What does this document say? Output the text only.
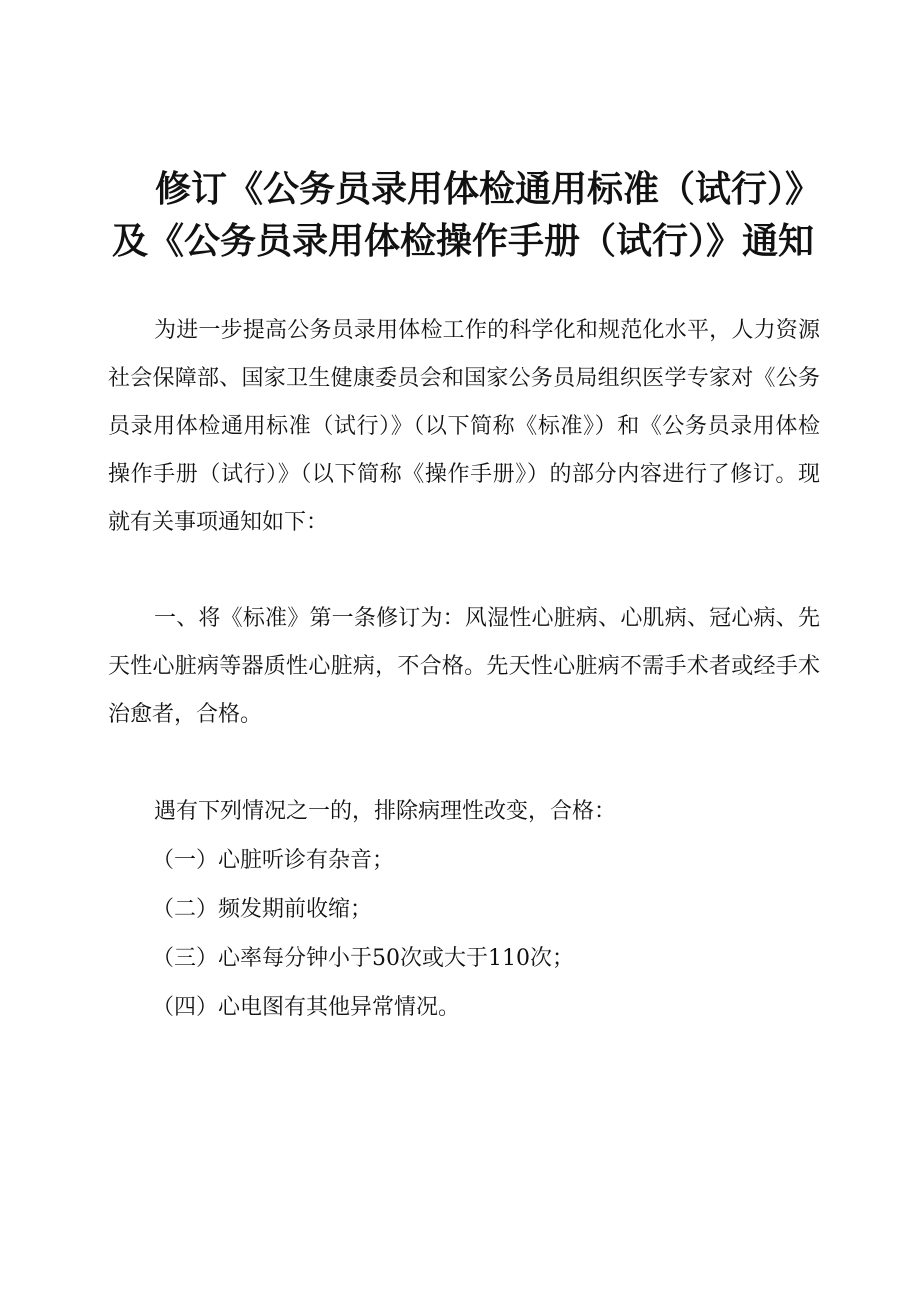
修订《公务员录用体检通用标准（试行）》
及《公务员录用体检操作手册（试行）》通知

为进一步提高公务员录用体检工作的科学化和规范化水平，人力资源社会保障部、国家卫生健康委员会和国家公务员局组织医学专家对《公务员录用体检通用标准（试行）》（以下简称《标准》）和《公务员录用体检操作手册（试行）》（以下简称《操作手册》）的部分内容进行了修订。现就有关事项通知如下：

一、将《标准》第一条修订为：风湿性心脏病、心肌病、冠心病、先天性心脏病等器质性心脏病，不合格。先天性心脏病不需手术者或经手术治愈者，合格。

遇有下列情况之一的，排除病理性改变，合格：

（一）心脏听诊有杂音；

（二）频发期前收缩；

（三）心率每分钟小于50次或大于110次；

（四）心电图有其他异常情况。
